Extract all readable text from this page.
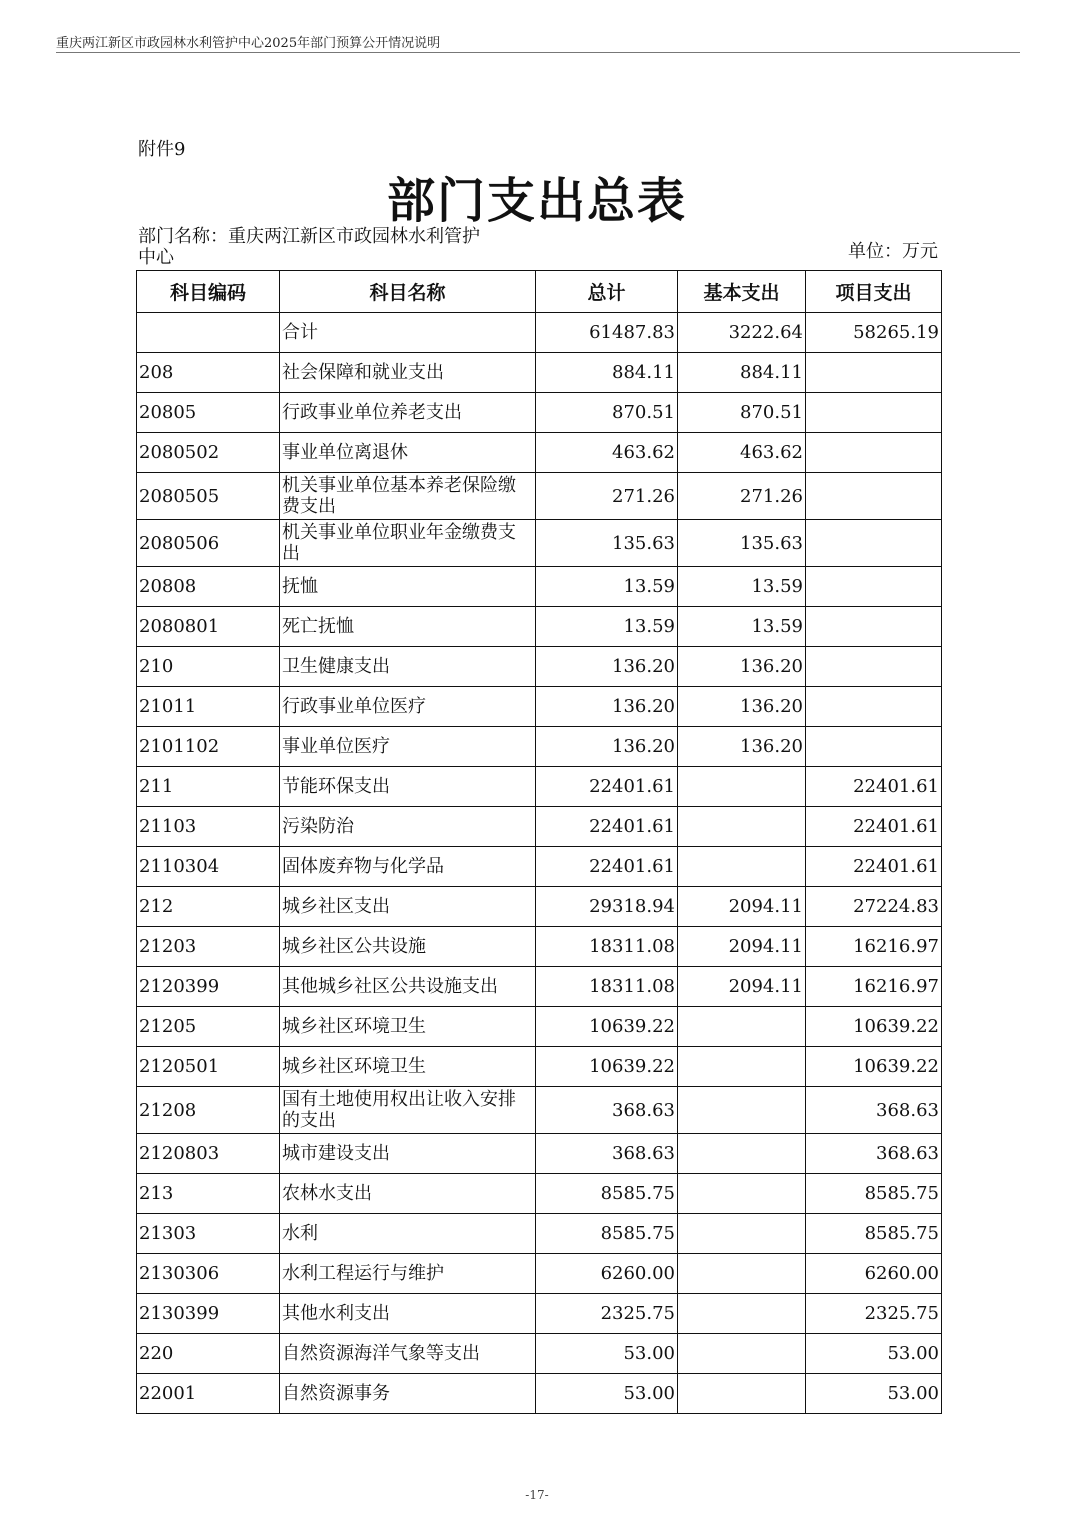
重庆两江新区市政园林水利管护中心2025年部门预算公开情况说明
附件9
部门支出总表
部门名称：重庆两江新区市政园林水利管护
中心	单位：万元
科目编码	科目名称	总计	基本支出	项目支出
	合计	61487.83	3222.64	58265.19
208	社会保障和就业支出	884.11	884.11	
20805	行政事业单位养老支出	870.51	870.51	
2080502	事业单位离退休	463.62	463.62	
2080505	机关事业单位基本养老保险缴费支出	271.26	271.26	
2080506	机关事业单位职业年金缴费支出	135.63	135.63	
20808	抚恤	13.59	13.59	
2080801	死亡抚恤	13.59	13.59	
210	卫生健康支出	136.20	136.20	
21011	行政事业单位医疗	136.20	136.20	
2101102	事业单位医疗	136.20	136.20	
211	节能环保支出	22401.61		22401.61
21103	污染防治	22401.61		22401.61
2110304	固体废弃物与化学品	22401.61		22401.61
212	城乡社区支出	29318.94	2094.11	27224.83
21203	城乡社区公共设施	18311.08	2094.11	16216.97
2120399	其他城乡社区公共设施支出	18311.08	2094.11	16216.97
21205	城乡社区环境卫生	10639.22		10639.22
2120501	城乡社区环境卫生	10639.22		10639.22
21208	国有土地使用权出让收入安排的支出	368.63		368.63
2120803	城市建设支出	368.63		368.63
213	农林水支出	8585.75		8585.75
21303	水利	8585.75		8585.75
2130306	水利工程运行与维护	6260.00		6260.00
2130399	其他水利支出	2325.75		2325.75
220	自然资源海洋气象等支出	53.00		53.00
22001	自然资源事务	53.00		53.00
-17-
